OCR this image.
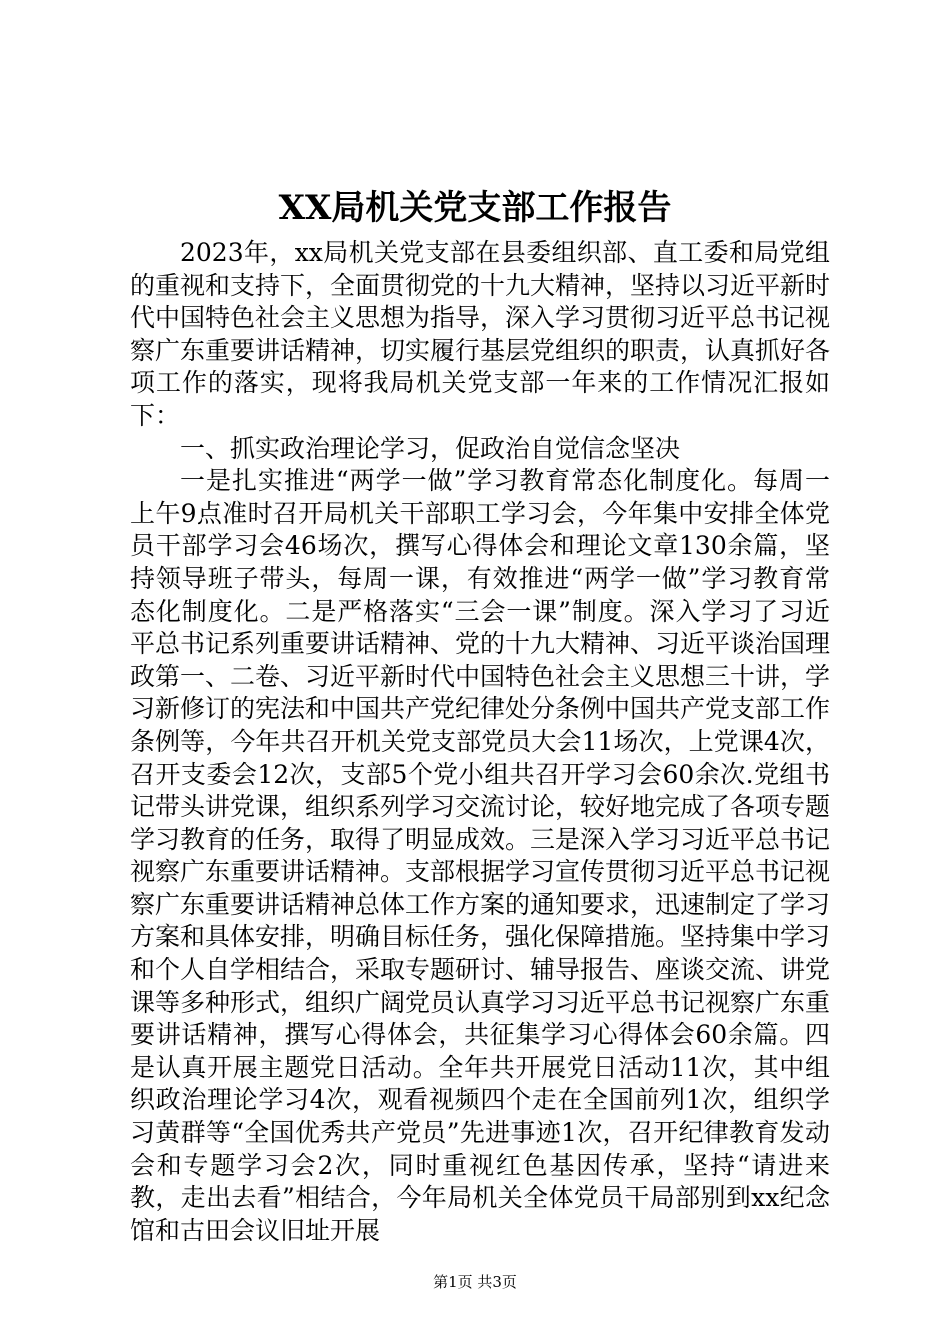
XX局机关党支部工作报告

2023年，xx局机关党支部在县委组织部、直工委和局党组的重视和支持下，全面贯彻党的十九大精神，坚持以习近平新时代中国特色社会主义思想为指导，深入学习贯彻习近平总书记视察广东重要讲话精神，切实履行基层党组织的职责，认真抓好各项工作的落实，现将我局机关党支部一年来的工作情况汇报如下：

一、抓实政治理论学习，促政治自觉信念坚决

一是扎实推进“两学一做”学习教育常态化制度化。每周一上午9点准时召开局机关干部职工学习会，今年集中安排全体党员干部学习会46场次，撰写心得体会和理论文章130余篇，坚持领导班子带头，每周一课，有效推进“两学一做”学习教育常态化制度化。二是严格落实“三会一课”制度。深入学习了习近平总书记系列重要讲话精神、党的十九大精神、习近平谈治国理政第一、二卷、习近平新时代中国特色社会主义思想三十讲，学习新修订的宪法和中国共产党纪律处分条例中国共产党支部工作条例等，今年共召开机关党支部党员大会11场次，上党课4次，召开支委会12次，支部5个党小组共召开学习会60余次.党组书记带头讲党课，组织系列学习交流讨论，较好地完成了各项专题学习教育的任务，取得了明显成效。三是深入学习习近平总书记视察广东重要讲话精神。支部根据学习宣传贯彻习近平总书记视察广东重要讲话精神总体工作方案的通知要求，迅速制定了学习方案和具体安排，明确目标任务，强化保障措施。坚持集中学习和个人自学相结合，采取专题研讨、辅导报告、座谈交流、讲党课等多种形式，组织广阔党员认真学习习近平总书记视察广东重要讲话精神，撰写心得体会，共征集学习心得体会60余篇。四是认真开展主题党日活动。全年共开展党日活动11次，其中组织政治理论学习4次，观看视频四个走在全国前列1次，组织学习黄群等“全国优秀共产党员”先进事迹1次，召开纪律教育发动会和专题学习会2次，同时重视红色基因传承，坚持“请进来教，走出去看”相结合，今年局机关全体党员干局部别到xx纪念馆和古田会议旧址开展

第1页 共3页
